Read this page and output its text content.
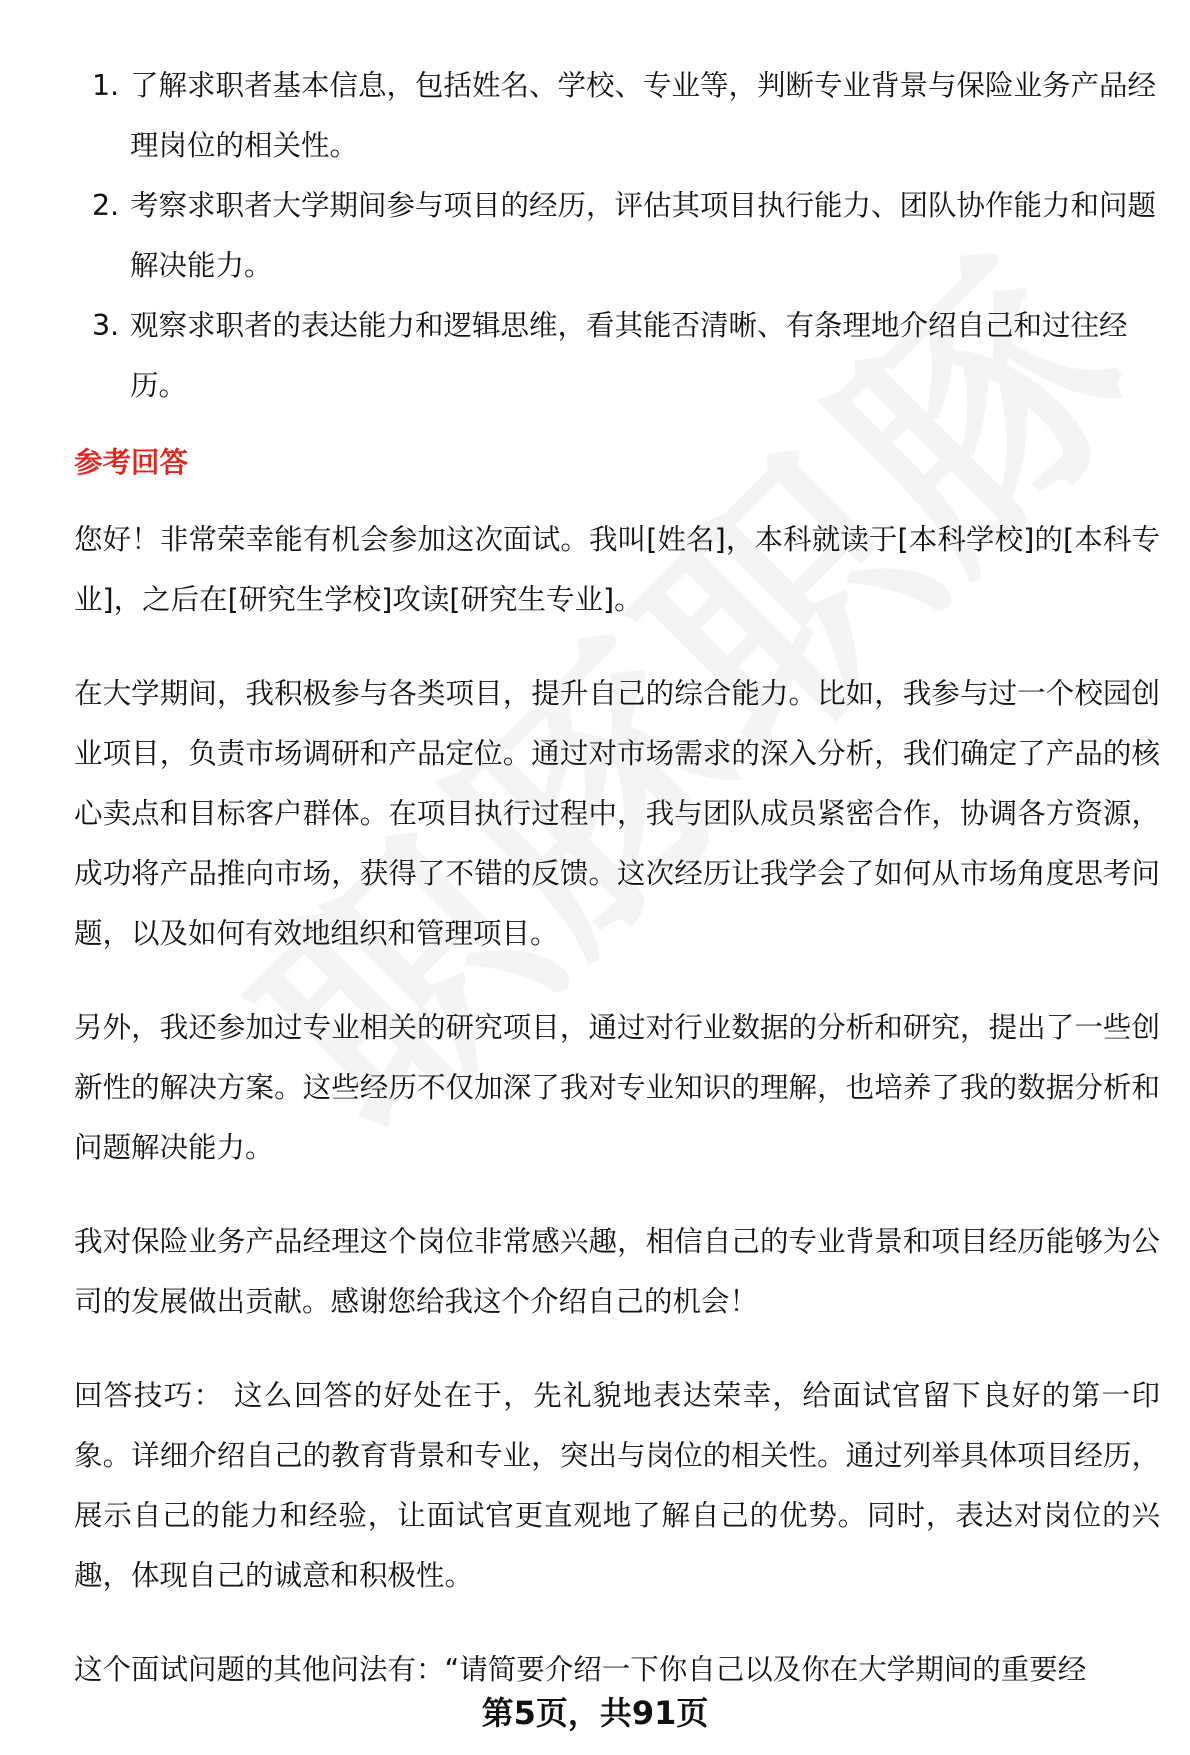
1. 了解求职者基本信息，包括姓名、学校、专业等，判断专业背景与保险业务产品经理岗位的相关性。
2. 考察求职者大学期间参与项目的经历，评估其项目执行能力、团队协作能力和问题解决能力。
3. 观察求职者的表达能力和逻辑思维，看其能否清晰、有条理地介绍自己和过往经历。
参考回答

您好！非常荣幸能有机会参加这次面试。我叫[姓名]，本科就读于[本科学校]的[本科专业]，之后在[研究生学校]攻读[研究生专业]。

在大学期间，我积极参与各类项目，提升自己的综合能力。比如，我参与过一个校园创业项目，负责市场调研和产品定位。通过对市场需求的深入分析，我们确定了产品的核心卖点和目标客户群体。在项目执行过程中，我与团队成员紧密合作，协调各方资源，成功将产品推向市场，获得了不错的反馈。这次经历让我学会了如何从市场角度思考问题，以及如何有效地组织和管理项目。

另外，我还参加过专业相关的研究项目，通过对行业数据的分析和研究，提出了一些创新性的解决方案。这些经历不仅加深了我对专业知识的理解，也培养了我的数据分析和问题解决能力。

我对保险业务产品经理这个岗位非常感兴趣，相信自己的专业背景和项目经历能够为公司的发展做出贡献。感谢您给我这个介绍自己的机会！

回答技巧： 这么回答的好处在于，先礼貌地表达荣幸，给面试官留下良好的第一印象。详细介绍自己的教育背景和专业，突出与岗位的相关性。通过列举具体项目经历，展示自己的能力和经验，让面试官更直观地了解自己的优势。同时，表达对岗位的兴趣，体现自己的诚意和积极性。

这个面试问题的其他问法有：“请简要介绍一下你自己以及你在大学期间的重要经

第5页，共91页
